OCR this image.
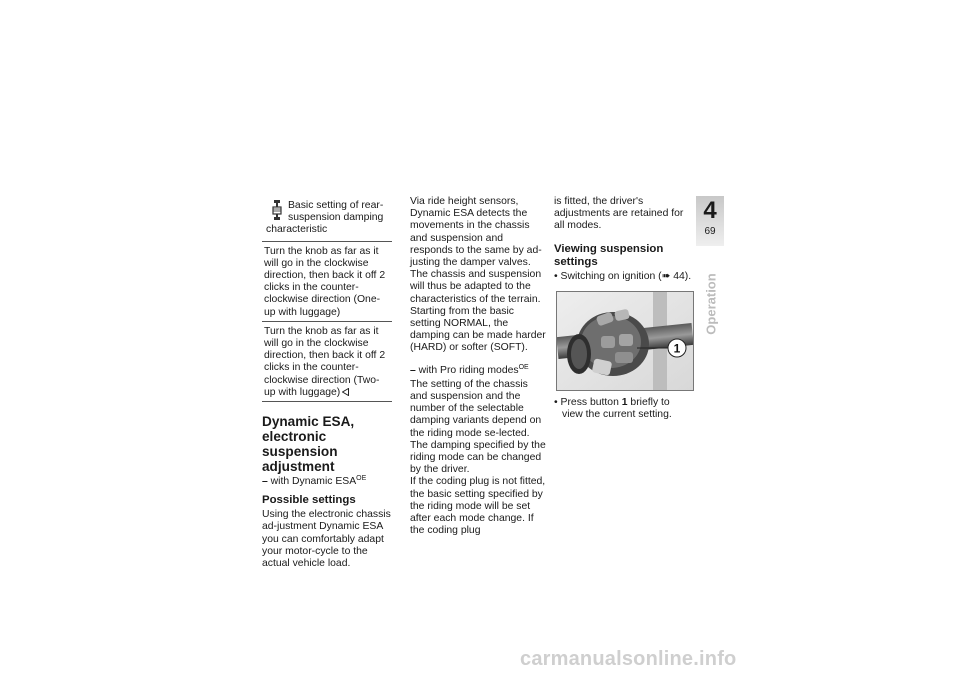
Basic setting of rear-
suspension damping
characteristic
Turn the knob as far as it will go in the clockwise direction, then back it off 2 clicks in the counter-clockwise direction (One-up with luggage)
Turn the knob as far as it will go in the clockwise direction, then back it off 2 clicks in the counter-clockwise direction (Two-up with luggage)
Dynamic ESA, electronic suspension adjustment

– with Dynamic $ESA^{OE}$

Possible settings

Using the electronic chassis ad-justment Dynamic ESA you can comfortably adapt your motor-cycle to the actual vehicle load.

Via ride height sensors, Dynamic ESA detects the movements in the chassis and suspension and responds to the same by ad-justing the damper valves. The chassis and suspension will thus be adapted to the characteristics of the terrain.

Starting from the basic setting NORMAL, the damping can be made harder (HARD) or softer (SOFT).

– with Pro riding modes$^{OE}$

The setting of the chassis and suspension and the number of the selectable damping variants depend on the riding mode se-lected. The damping specified by the riding mode can be changed by the driver.

If the coding plug is not fitted, the basic setting specified by the riding mode will be set after each mode change. If the coding plug

is fitted, the driver's adjustments are retained for all modes.

Viewing suspension settings

• Switching on ignition (➠ 44).

1

• Press button 1 briefly to view the current setting.

4
69
Operation
carmanualsonline.info
